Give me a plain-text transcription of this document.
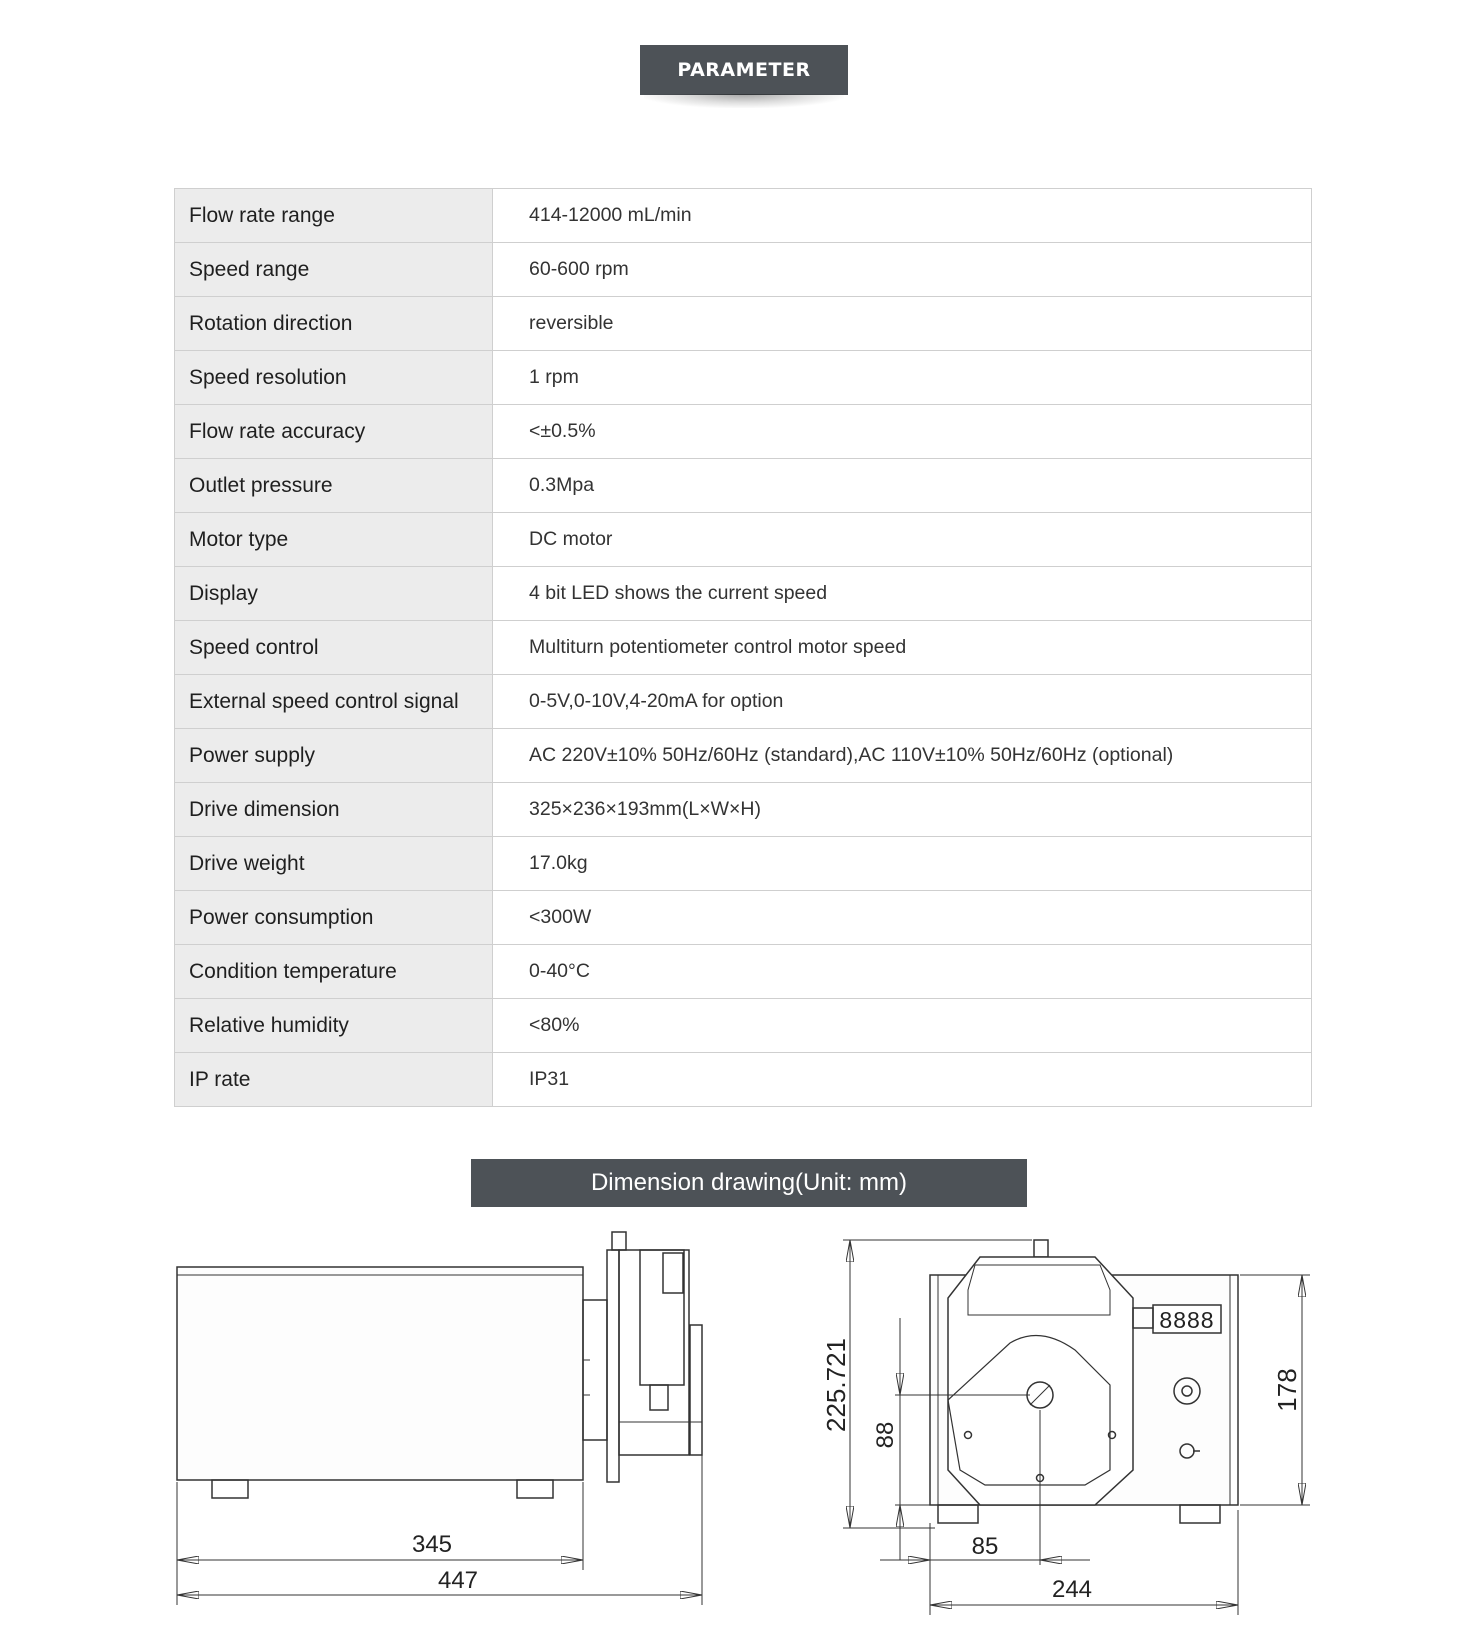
PARAMETER
Flow rate range	414-12000 mL/min
Speed range	60-600 rpm
Rotation direction	reversible
Speed resolution	1 rpm
Flow rate accuracy	<±0.5%
Outlet pressure	0.3Mpa
Motor type	DC motor
Display	4 bit LED shows the current speed
Speed control	Multiturn potentiometer control motor speed
External speed control signal	0-5V,0-10V,4-20mA for option
Power supply	AC 220V±10% 50Hz/60Hz (standard),AC 110V±10% 50Hz/60Hz (optional)
Drive dimension	325×236×193mm(L×W×H)
Drive weight	17.0kg
Power consumption	<300W
Condition temperature	0-40°C
Relative humidity	<80%
IP rate	IP31
Dimension drawing(Unit: mm)
345
447
8888
225.721
88
178
85
244
